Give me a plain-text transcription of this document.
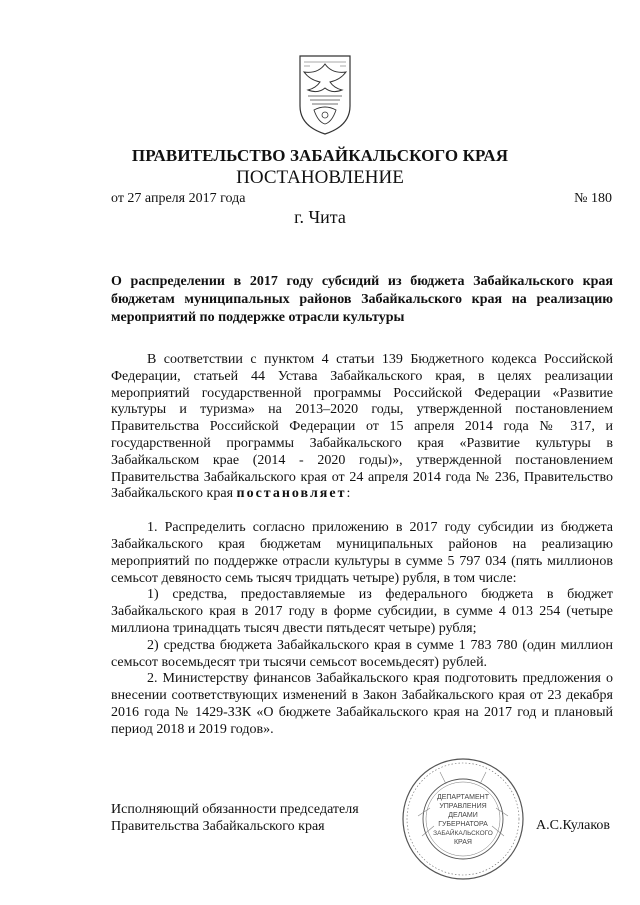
ПРАВИТЕЛЬСТВО ЗАБАЙКАЛЬСКОГО КРАЯ
ПОСТАНОВЛЕНИЕ
от 27 апреля 2017 года	№ 180
г. Чита
О распределении в 2017 году субсидий из бюджета Забайкальского края бюджетам муниципальных районов Забайкальского края на реализацию мероприятий по поддержке отрасли культуры

В соответствии с пунктом 4 статьи 139 Бюджетного кодекса Российской Федерации, статьей 44 Устава Забайкальского края, в целях реализации мероприятий государственной программы Российской Федерации «Развитие культуры и туризма» на 2013–2020 годы, утвержденной постановлением Правительства Российской Федерации от 15 апреля 2014 года № 317, и государственной программы Забайкальского края «Развитие культуры в Забайкальском крае (2014 - 2020 годы)», утвержденной постановлением Правительства Забайкальского края от 24 апреля 2014 года № 236, Правительство Забайкальского края постановляет:

1. Распределить согласно приложению в 2017 году субсидии из бюджета Забайкальского края бюджетам муниципальных районов на реализацию мероприятий по поддержке отрасли культуры в сумме 5 797 034 (пять миллионов семьсот девяносто семь тысяч тридцать четыре) рубля, в том числе:

1) средства, предоставляемые из федерального бюджета в бюджет Забайкальского края в 2017 году в форме субсидии, в сумме 4 013 254 (четыре миллиона тринадцать тысяч двести пятьдесят четыре) рубля;

2) средства бюджета Забайкальского края в сумме 1 783 780 (один миллион семьсот восемьдесят три тысячи семьсот восемьдесят) рублей.

2. Министерству финансов Забайкальского края подготовить предложения о внесении соответствующих изменений в Закон Забайкальского края от 23 декабря 2016 года № 1429-ЗЗК «О бюджете Забайкальского края на 2017 год и плановый период 2018 и 2019 годов».

ДЕПАРТАМЕНТ
УПРАВЛЕНИЯ
ДЕЛАМИ
ГУБЕРНАТОРА
ЗАБАЙКАЛЬСКОГО
КРАЯ
Исполняющий обязанности председателя
Правительства Забайкальского края	А.С.Кулаков
